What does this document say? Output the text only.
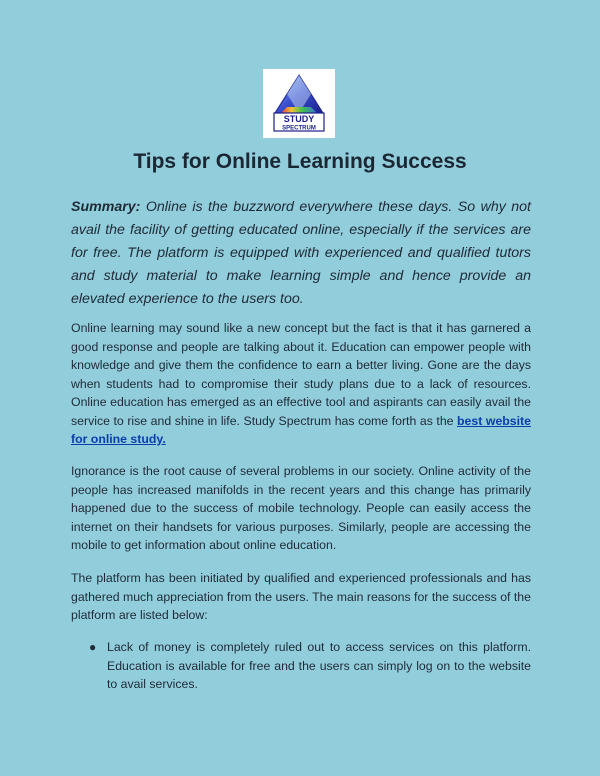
STUDY
SPECTRUM
Tips for Online Learning Success

Summary: Online is the buzzword everywhere these days. So why not avail the facility of getting educated online, especially if the services are for free. The platform is equipped with experienced and qualified tutors and study material to make learning simple and hence provide an elevated experience to the users too.

Online learning may sound like a new concept but the fact is that it has garnered a good response and people are talking about it. Education can empower people with knowledge and give them the confidence to earn a better living. Gone are the days when students had to compromise their study plans due to a lack of resources. Online education has emerged as an effective tool and aspirants can easily avail the service to rise and shine in life. Study Spectrum has come forth as the best website for online study.

Ignorance is the root cause of several problems in our society. Online activity of the people has increased manifolds in the recent years and this change has primarily happened due to the success of mobile technology. People can easily access the internet on their handsets for various purposes. Similarly, people are accessing the mobile to get information about online education.

The platform has been initiated by qualified and experienced professionals and has gathered much appreciation from the users. The main reasons for the success of the platform are listed below:

● Lack of money is completely ruled out to access services on this platform. Education is available for free and the users can simply log on to the website to avail services.
